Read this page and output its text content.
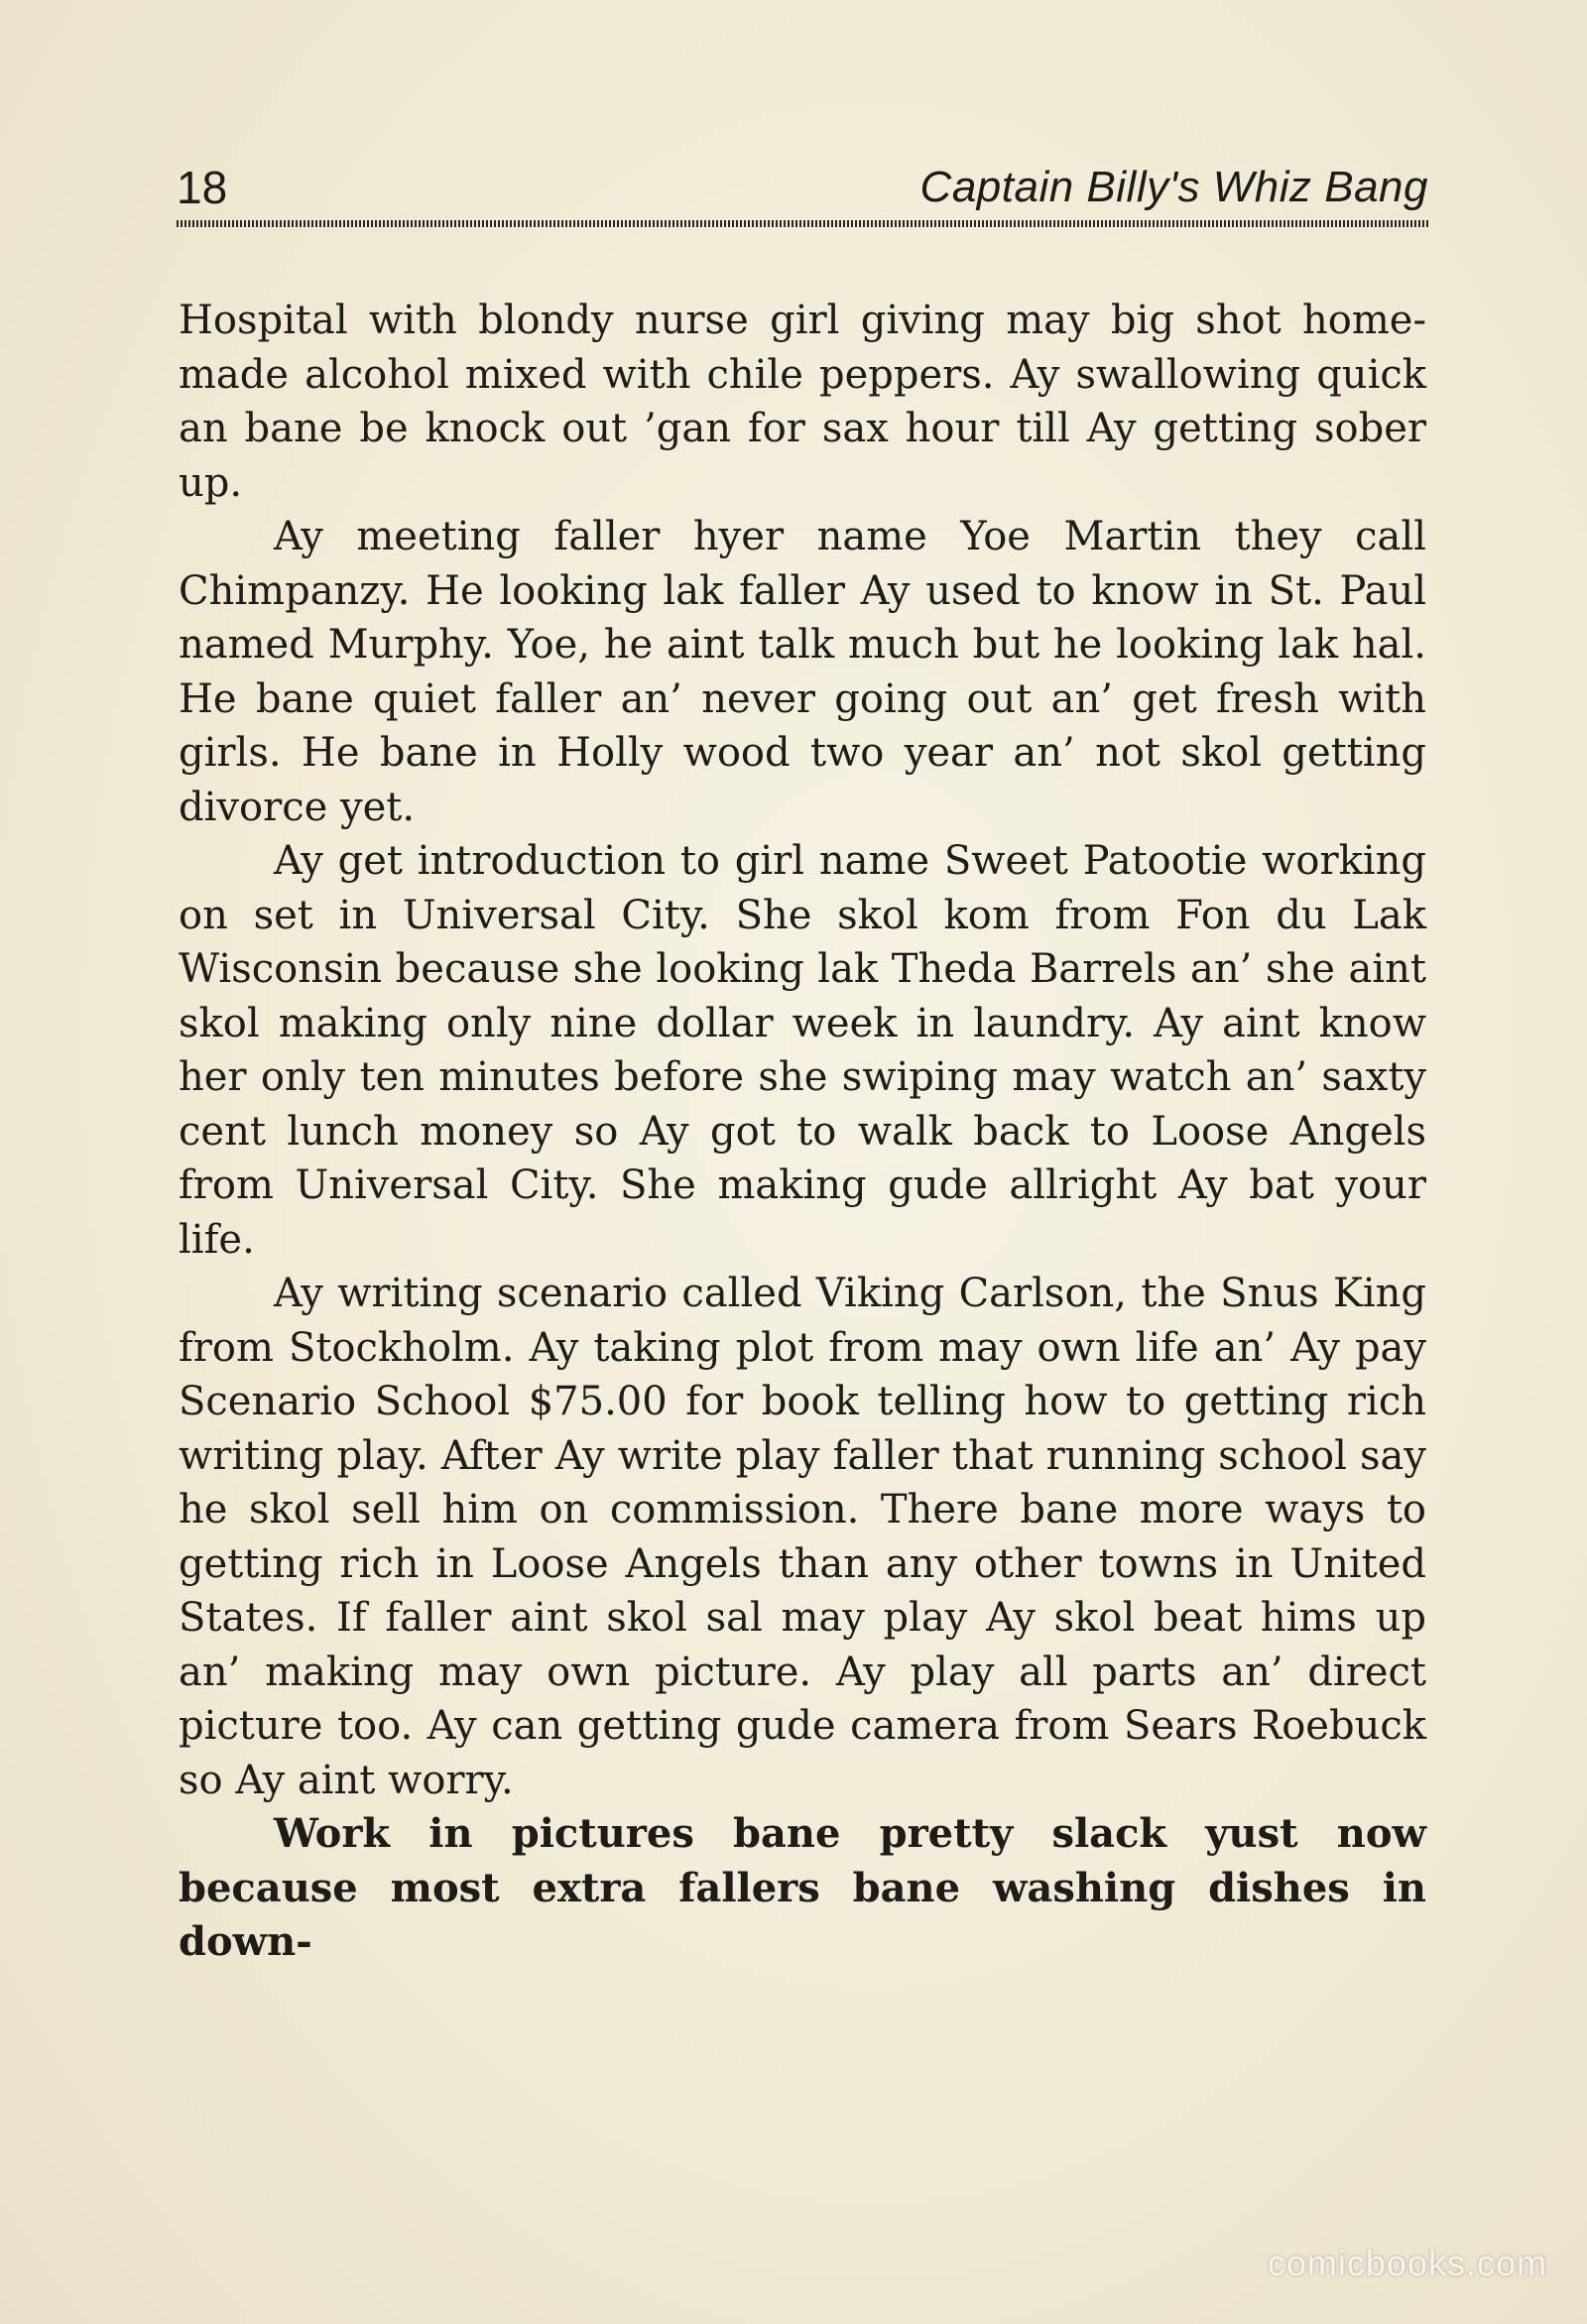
18	Captain Billy's Whiz Bang

Hospital with blondy nurse girl giving may big shot home-made alcohol mixed with chile peppers. Ay swallowing quick an bane be knock out ’gan for sax hour till Ay getting sober up.

Ay meeting faller hyer name Yoe Martin they call Chimpanzy. He looking lak faller Ay used to know in St. Paul named Murphy. Yoe, he aint talk much but he looking lak hal. He bane quiet faller an’ never going out an’ get fresh with girls. He bane in Holly wood two year an’ not skol getting divorce yet.

Ay get introduction to girl name Sweet Patootie working on set in Universal City. She skol kom from Fon du Lak Wisconsin because she looking lak Theda Barrels an’ she aint skol making only nine dollar week in laundry. Ay aint know her only ten minutes before she swiping may watch an’ saxty cent lunch money so Ay got to walk back to Loose Angels from Universal City. She making gude allright Ay bat your life.

Ay writing scenario called Viking Carlson, the Snus King from Stockholm. Ay taking plot from may own life an’ Ay pay Scenario School $75.00 for book telling how to getting rich writing play. After Ay write play faller that running school say he skol sell him on commission. There bane more ways to getting rich in Loose Angels than any other towns in United States. If faller aint skol sal may play Ay skol beat hims up an’ making may own picture. Ay play all parts an’ direct picture too. Ay can getting gude camera from Sears Roebuck so Ay aint worry.

Work in pictures bane pretty slack yust now because most extra fallers bane washing dishes in down-

comicbooks.com
